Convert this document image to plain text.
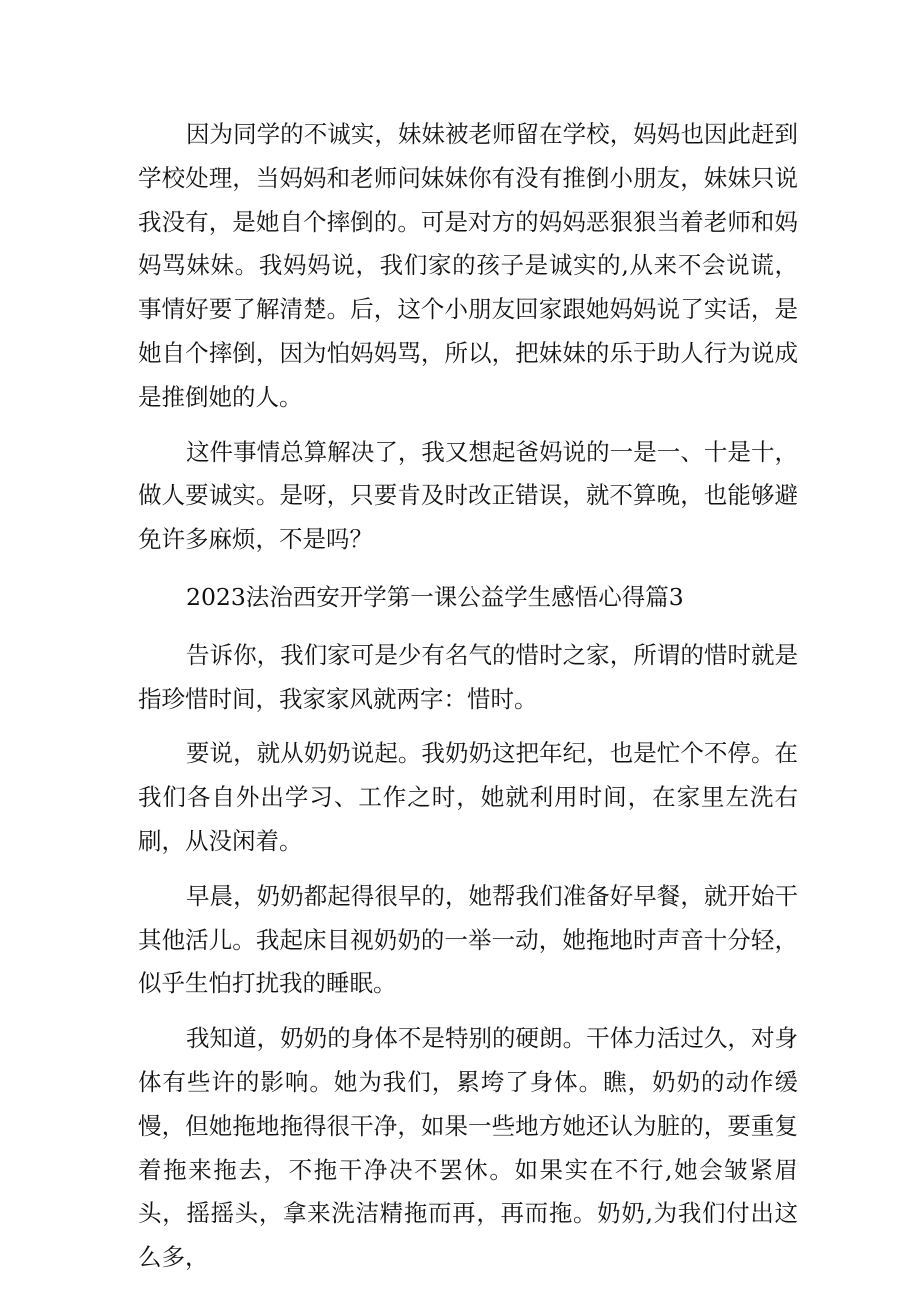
因为同学的不诚实，妹妹被老师留在学校，妈妈也因此赶到学校处理，当妈妈和老师问妹妹你有没有推倒小朋友，妹妹只说我没有，是她自个摔倒的。可是对方的妈妈恶狠狠当着老师和妈妈骂妹妹。我妈妈说，我们家的孩子是诚实的,从来不会说谎，事情好要了解清楚。后，这个小朋友回家跟她妈妈说了实话，是她自个摔倒，因为怕妈妈骂，所以，把妹妹的乐于助人行为说成是推倒她的人。

这件事情总算解决了，我又想起爸妈说的一是一、十是十，做人要诚实。是呀，只要肯及时改正错误，就不算晚，也能够避免许多麻烦，不是吗？

2023法治西安开学第一课公益学生感悟心得篇3

告诉你，我们家可是少有名气的惜时之家，所谓的惜时就是指珍惜时间，我家家风就两字：惜时。

要说，就从奶奶说起。我奶奶这把年纪，也是忙个不停。在我们各自外出学习、工作之时，她就利用时间，在家里左洗右刷，从没闲着。

早晨，奶奶都起得很早的，她帮我们准备好早餐，就开始干其他活儿。我起床目视奶奶的一举一动，她拖地时声音十分轻，似乎生怕打扰我的睡眠。

我知道，奶奶的身体不是特别的硬朗。干体力活过久，对身体有些许的影响。她为我们，累垮了身体。瞧，奶奶的动作缓慢，但她拖地拖得很干净，如果一些地方她还认为脏的，要重复着拖来拖去，不拖干净决不罢休。如果实在不行,她会皱紧眉头，摇摇头，拿来洗洁精拖而再，再而拖。奶奶,为我们付出这么多，
